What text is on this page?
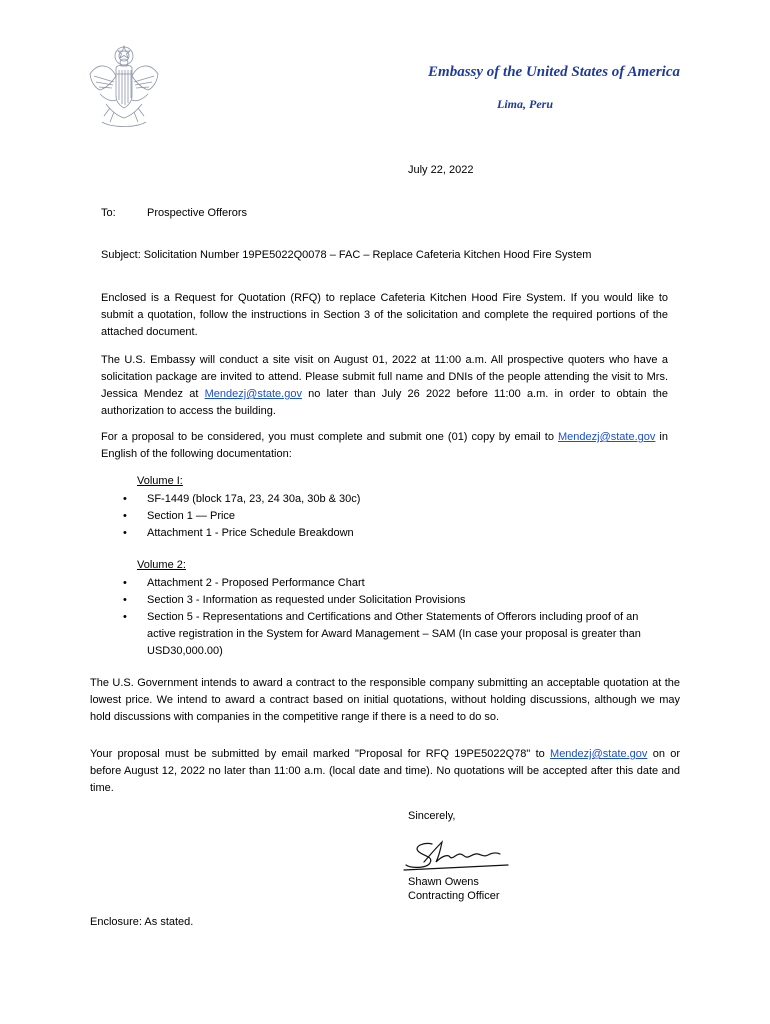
Embassy of the United States of America
Lima, Peru
July 22, 2022
To:	Prospective Offerors
Subject: Solicitation Number 19PE5022Q0078 – FAC – Replace Cafeteria Kitchen Hood Fire System
Enclosed is a Request for Quotation (RFQ) to replace Cafeteria Kitchen Hood Fire System. If you would like to submit a quotation, follow the instructions in Section 3 of the solicitation and complete the required portions of the attached document.
The U.S. Embassy will conduct a site visit on August 01, 2022 at 11:00 a.m. All prospective quoters who have a solicitation package are invited to attend. Please submit full name and DNIs of the people attending the visit to Mrs. Jessica Mendez at Mendezj@state.gov no later than July 26 2022 before 11:00 a.m. in order to obtain the authorization to access the building.
For a proposal to be considered, you must complete and submit one (01) copy by email to Mendezj@state.gov in English of the following documentation:
Volume I:
• SF-1449 (block 17a, 23, 24 30a, 30b & 30c)
• Section 1 — Price
• Attachment 1 - Price Schedule Breakdown
Volume 2:
• Attachment 2 - Proposed Performance Chart
• Section 3 - Information as requested under Solicitation Provisions
• Section 5 - Representations and Certifications and Other Statements of Offerors including proof of an active registration in the System for Award Management – SAM (In case your proposal is greater than USD30,000.00)
The U.S. Government intends to award a contract to the responsible company submitting an acceptable quotation at the lowest price. We intend to award a contract based on initial quotations, without holding discussions, although we may hold discussions with companies in the competitive range if there is a need to do so.
Your proposal must be submitted by email marked "Proposal for RFQ 19PE5022Q78" to Mendezj@state.gov on or before August 12, 2022 no later than 11:00 a.m. (local date and time). No quotations will be accepted after this date and time.
Sincerely,
Shawn Owens
Contracting Officer
Enclosure: As stated.
